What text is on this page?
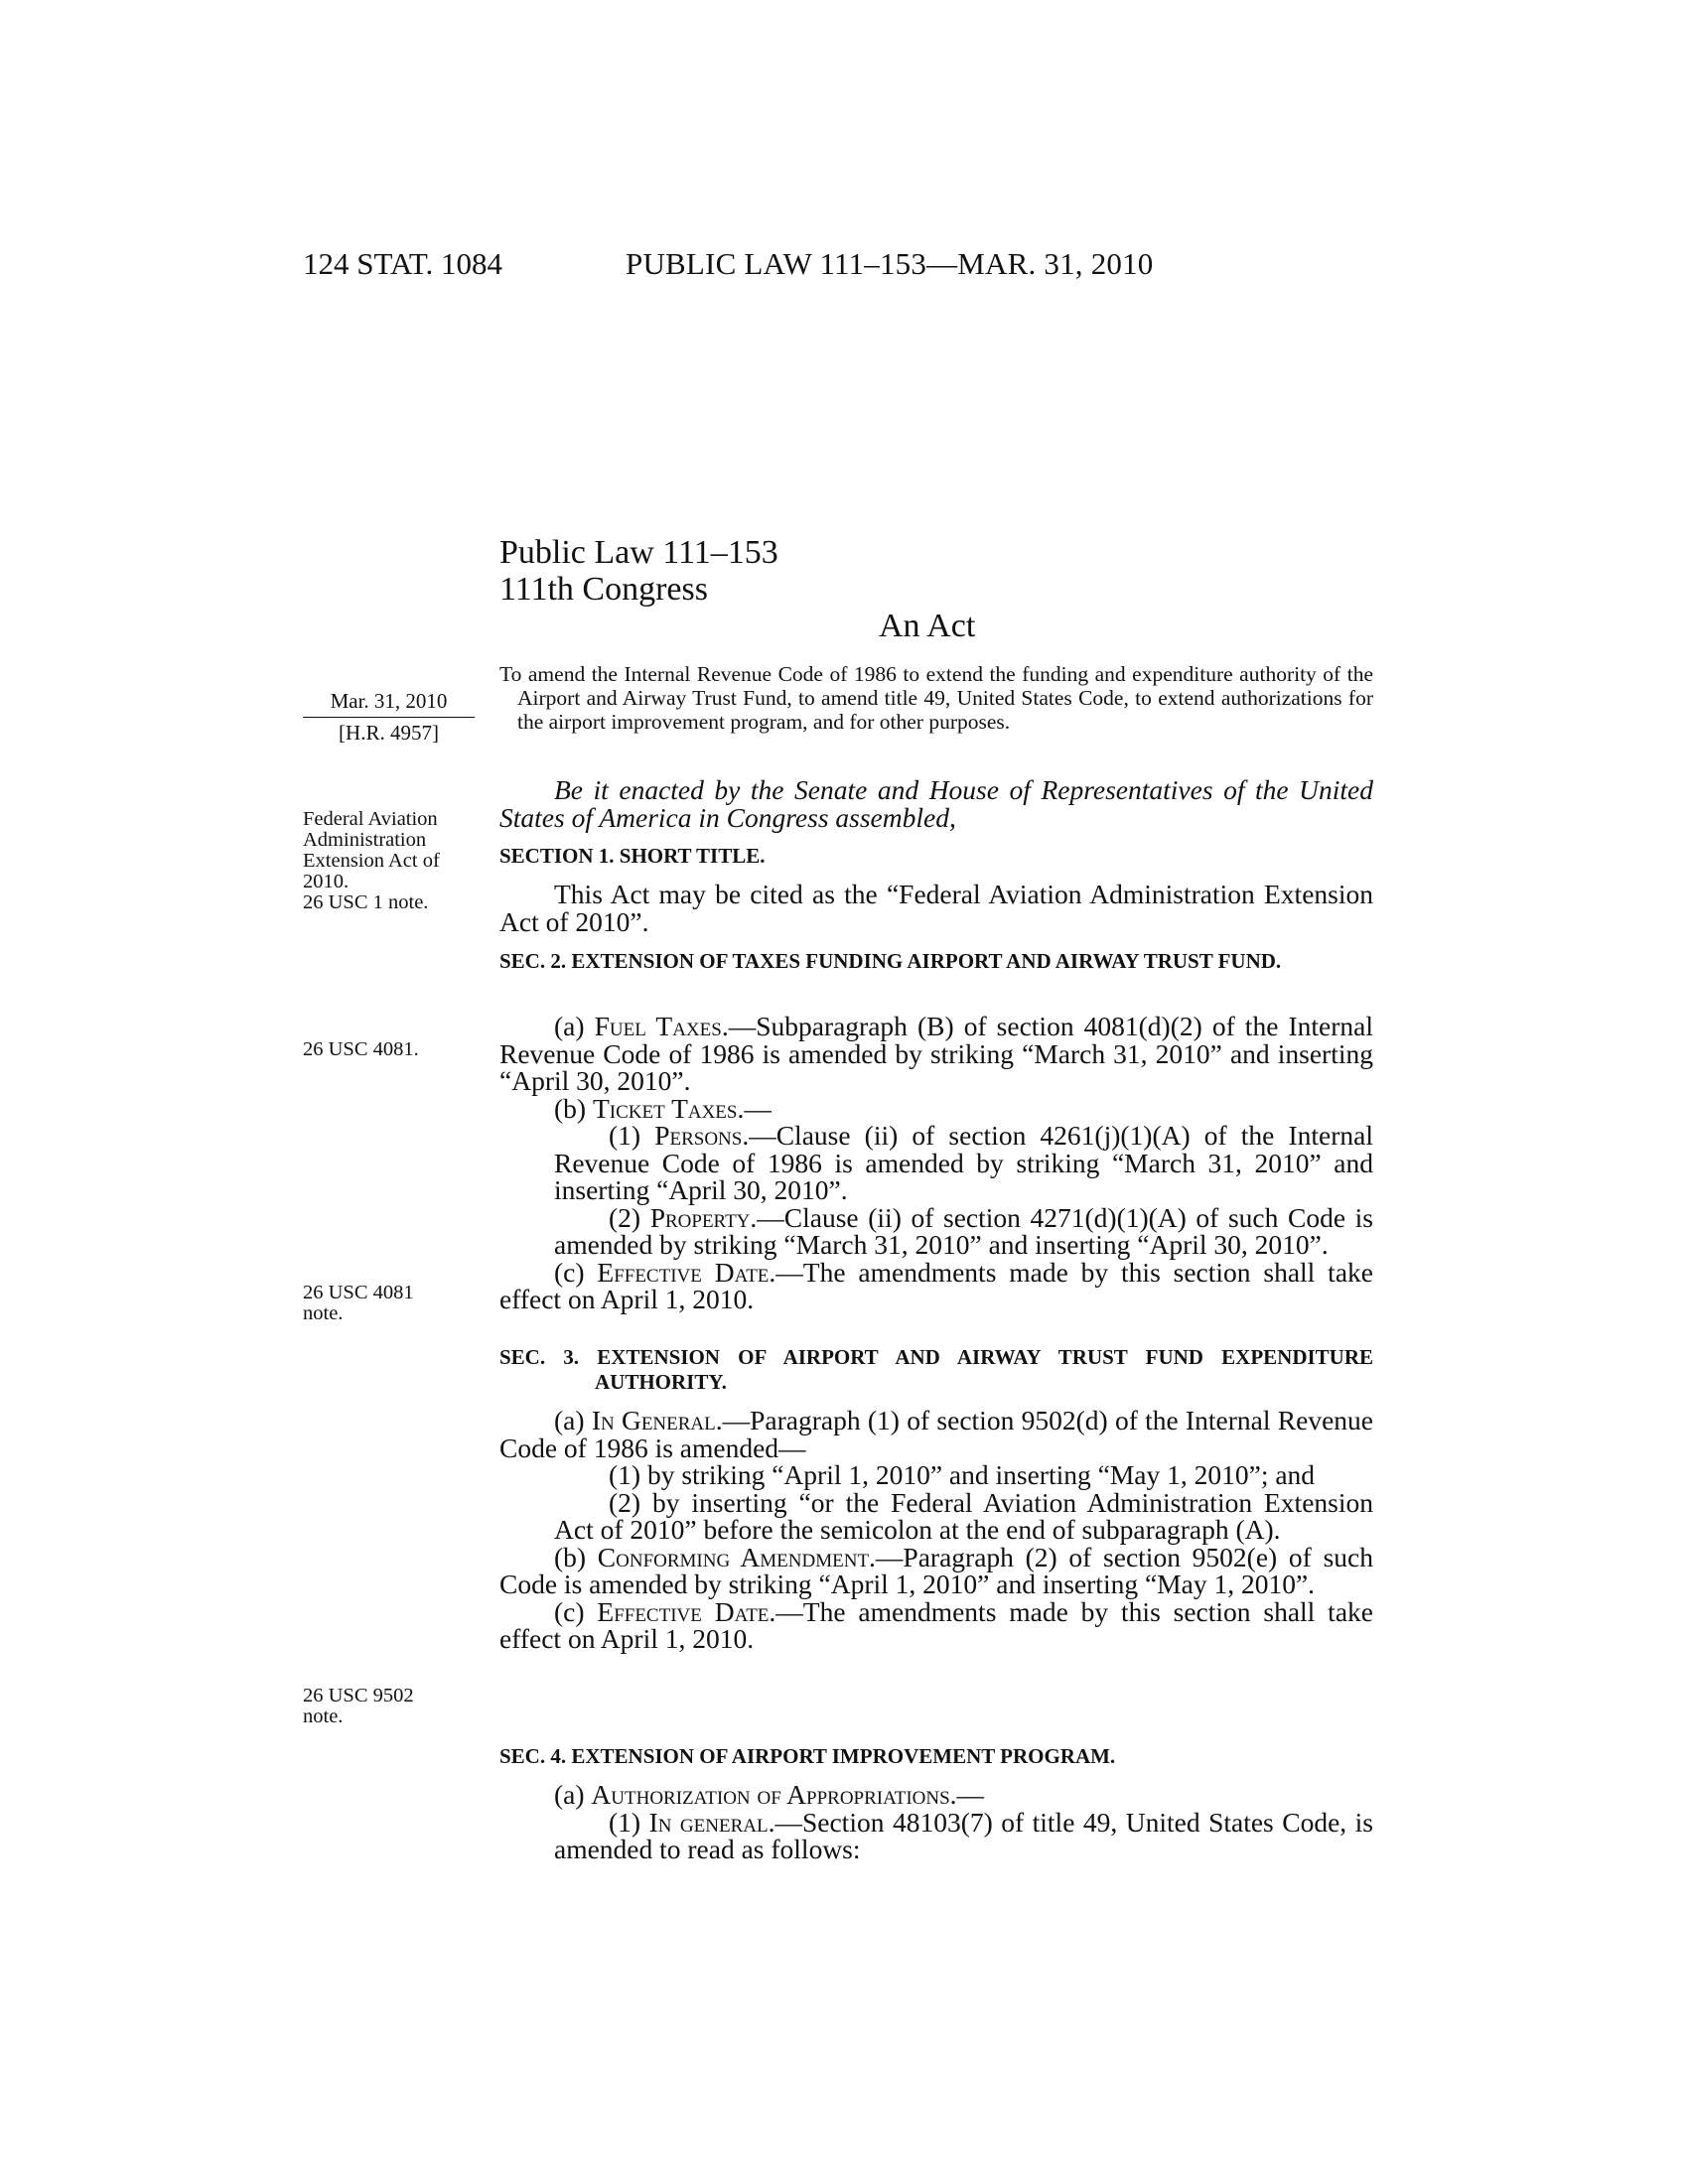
124 STAT. 1084	PUBLIC LAW 111–153—MAR. 31, 2010
Public Law 111–153
111th Congress
An Act
To amend the Internal Revenue Code of 1986 to extend the funding and expenditure authority of the Airport and Airway Trust Fund, to amend title 49, United States Code, to extend authorizations for the airport improvement program, and for other purposes.
Mar. 31, 2010
[H.R. 4957]
Federal Aviation
Administration
Extension Act of
2010.
26 USC 1 note.
26 USC 4081.
26 USC 4081
note.
26 USC 9502
note.

Be it enacted by the Senate and House of Representatives of the United States of America in Congress assembled,

SECTION 1. SHORT TITLE.

This Act may be cited as the “Federal Aviation Administration Extension Act of 2010”.

SEC. 2. EXTENSION OF TAXES FUNDING AIRPORT AND AIRWAY TRUST FUND.

(a) Fuel Taxes.—Subparagraph (B) of section 4081(d)(2) of the Internal Revenue Code of 1986 is amended by striking “March 31, 2010” and inserting “April 30, 2010”.

(b) Ticket Taxes.—

(1) Persons.—Clause (ii) of section 4261(j)(1)(A) of the Internal Revenue Code of 1986 is amended by striking “March 31, 2010” and inserting “April 30, 2010”.

(2) Property.—Clause (ii) of section 4271(d)(1)(A) of such Code is amended by striking “March 31, 2010” and inserting “April 30, 2010”.

(c) Effective Date.—The amendments made by this section shall take effect on April 1, 2010.

SEC. 3. EXTENSION OF AIRPORT AND AIRWAY TRUST FUND EXPENDITURE AUTHORITY.

(a) In General.—Paragraph (1) of section 9502(d) of the Internal Revenue Code of 1986 is amended—

(1) by striking “April 1, 2010” and inserting “May 1, 2010”; and

(2) by inserting “or the Federal Aviation Administration Extension Act of 2010” before the semicolon at the end of subparagraph (A).

(b) Conforming Amendment.—Paragraph (2) of section 9502(e) of such Code is amended by striking “April 1, 2010” and inserting “May 1, 2010”.

(c) Effective Date.—The amendments made by this section shall take effect on April 1, 2010.

SEC. 4. EXTENSION OF AIRPORT IMPROVEMENT PROGRAM.

(a) Authorization of Appropriations.—

(1) In general.—Section 48103(7) of title 49, United States Code, is amended to read as follows:
